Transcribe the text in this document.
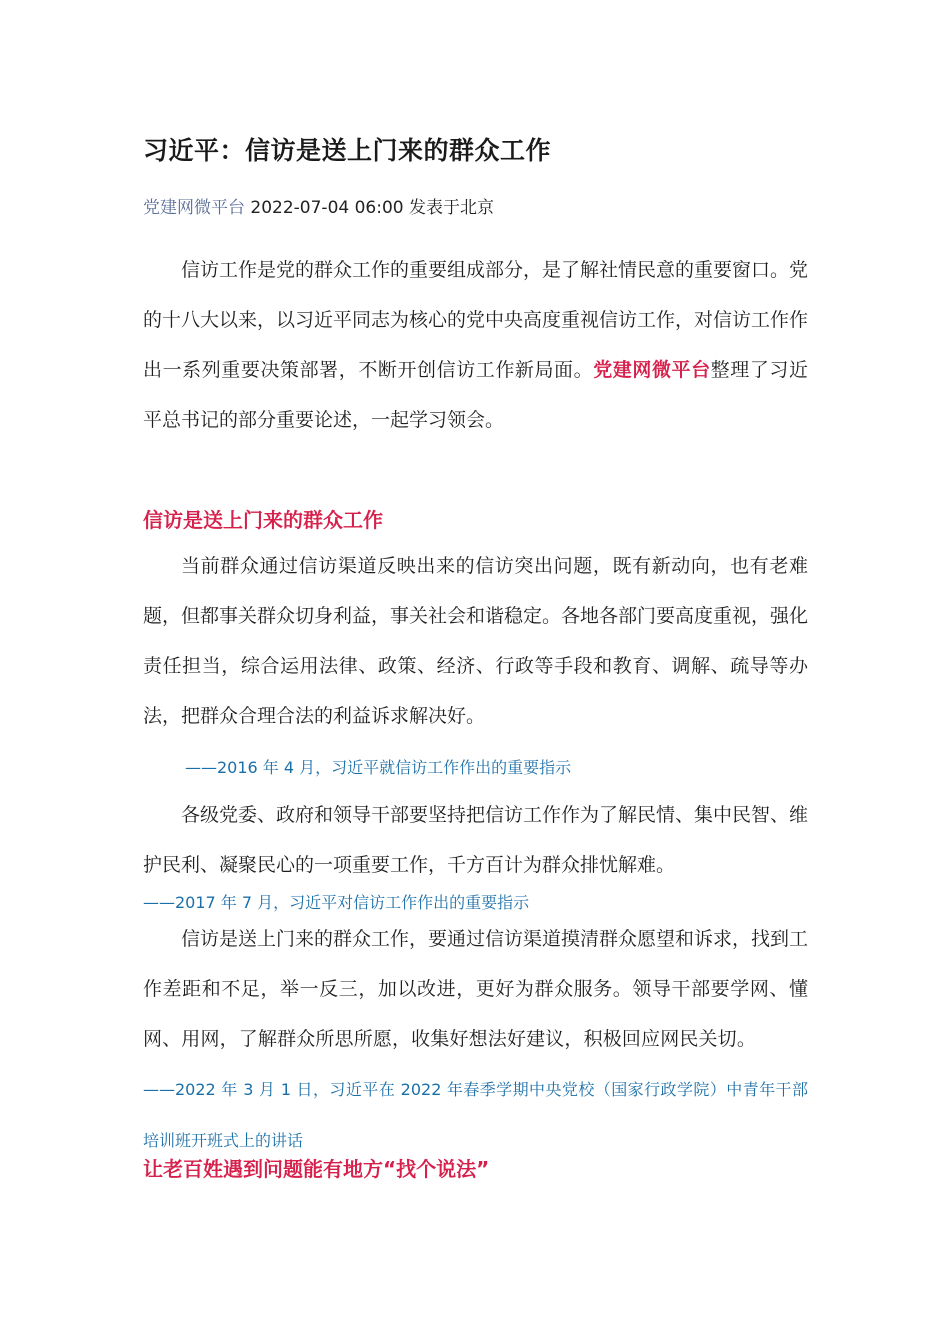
习近平：信访是送上门来的群众工作
党建网微平台 2022-07-04 06:00 发表于北京

信访工作是党的群众工作的重要组成部分，是了解社情民意的重要窗口。党的十八大以来，以习近平同志为核心的党中央高度重视信访工作，对信访工作作出一系列重要决策部署，不断开创信访工作新局面。党建网微平台整理了习近平总书记的部分重要论述，一起学习领会。

信访是送上门来的群众工作

当前群众通过信访渠道反映出来的信访突出问题，既有新动向，也有老难题，但都事关群众切身利益，事关社会和谐稳定。各地各部门要高度重视，强化责任担当，综合运用法律、政策、经济、行政等手段和教育、调解、疏导等办法，把群众合理合法的利益诉求解决好。

——2016 年 4 月，习近平就信访工作作出的重要指示

各级党委、政府和领导干部要坚持把信访工作作为了解民情、集中民智、维护民利、凝聚民心的一项重要工作，千方百计为群众排忧解难。

——2017 年 7 月，习近平对信访工作作出的重要指示

信访是送上门来的群众工作，要通过信访渠道摸清群众愿望和诉求，找到工作差距和不足，举一反三，加以改进，更好为群众服务。领导干部要学网、懂网、用网，了解群众所思所愿，收集好想法好建议，积极回应网民关切。——2022 年 3 月 1 日，习近平在 2022 年春季学期中央党校（国家行政学院）中青年干部培训班开班式上的讲话

让老百姓遇到问题能有地方“找个说法”
